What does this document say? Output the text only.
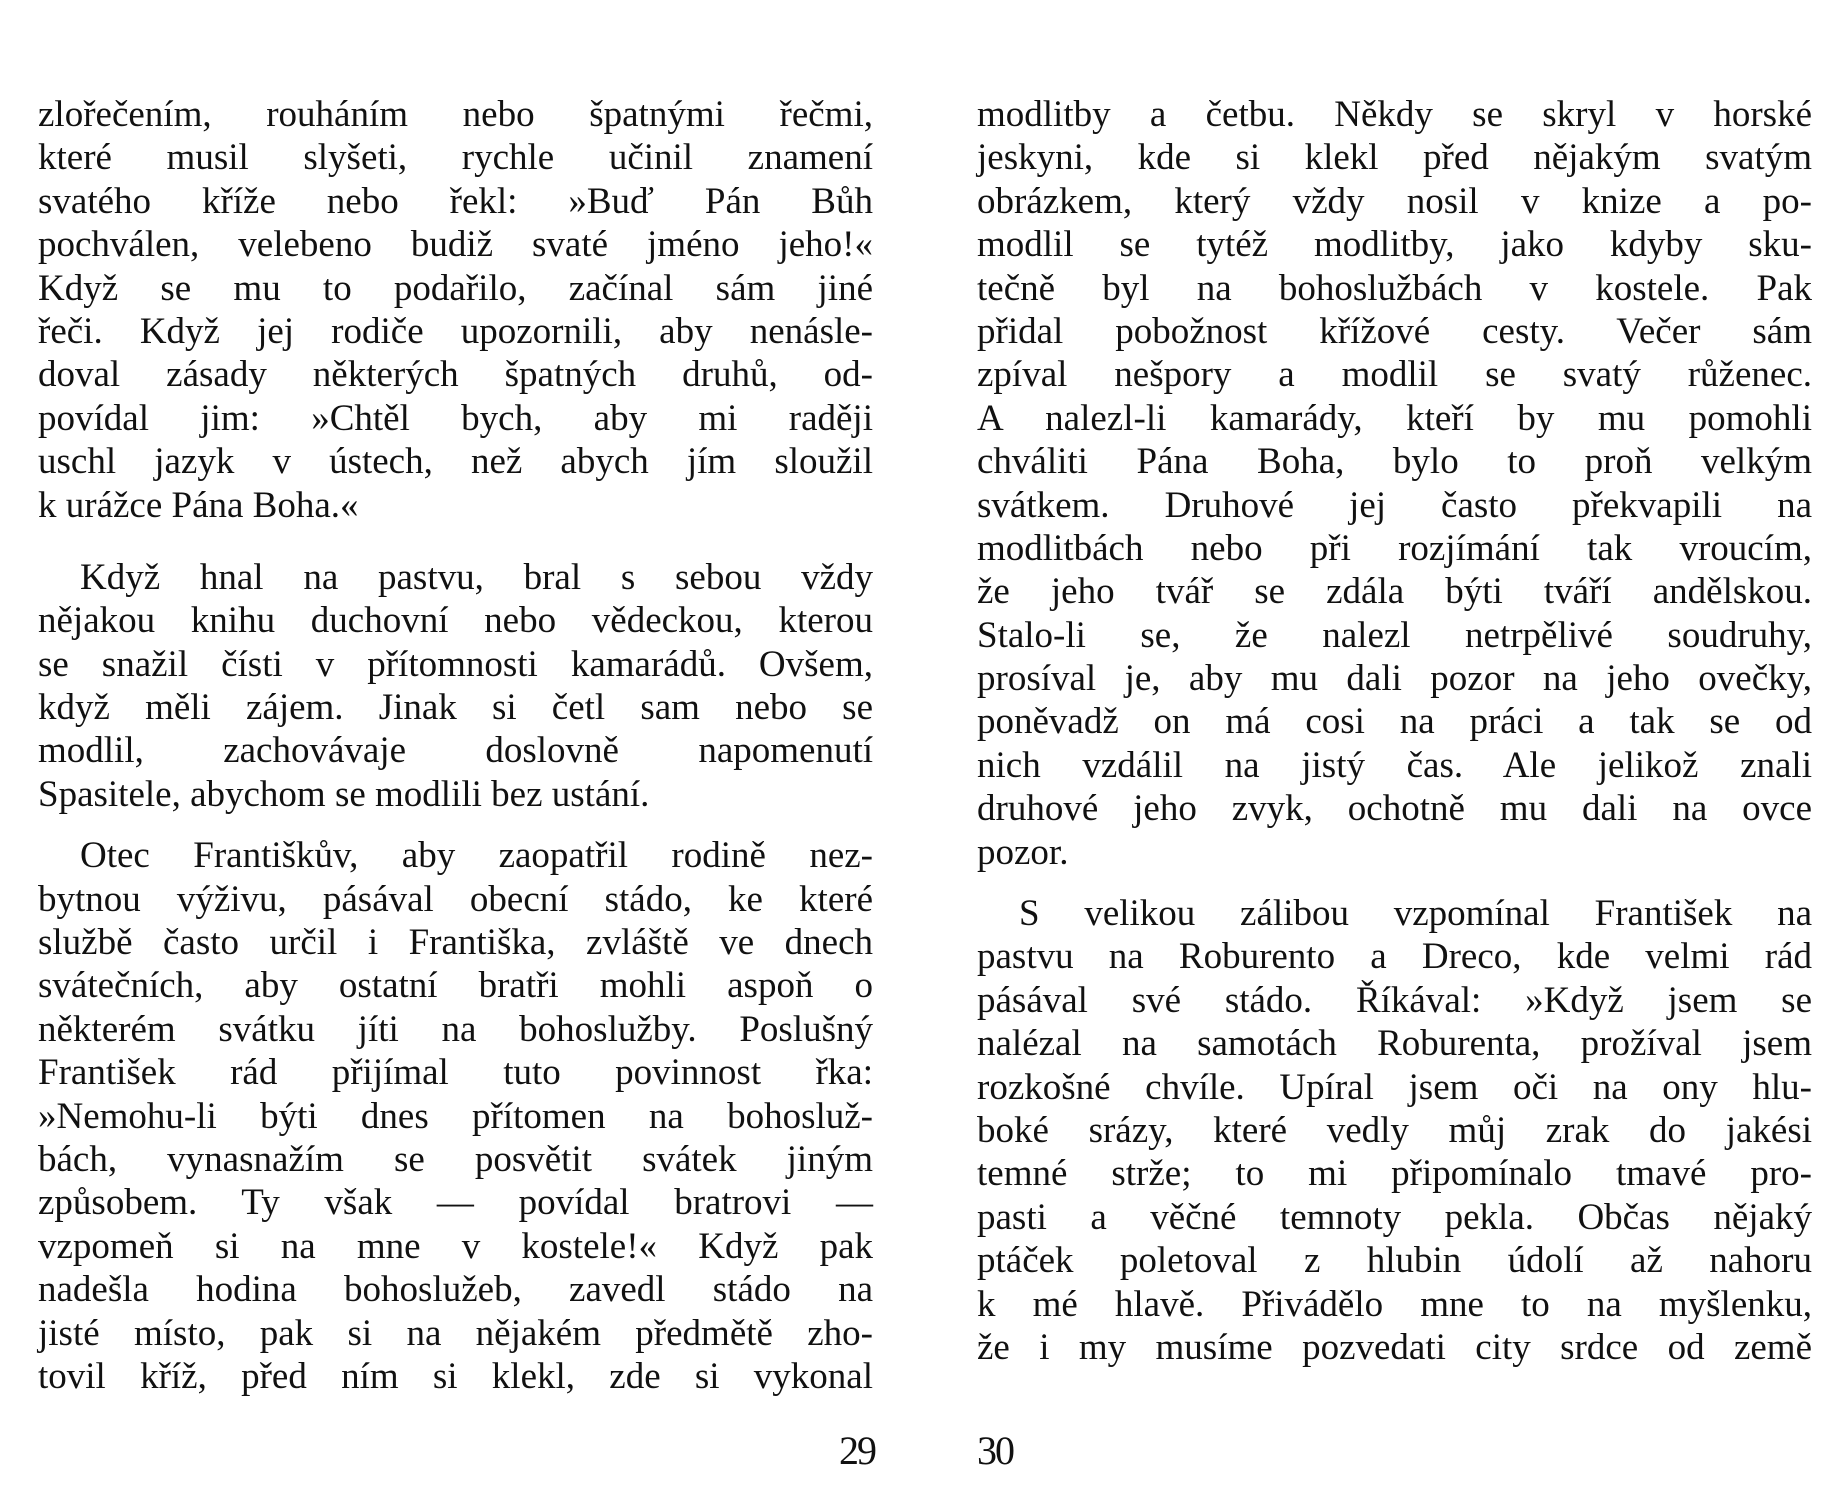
zlořečením, rouháním nebo špatnými řečmi,
které musil slyšeti, rychle učinil znamení
svatého kříže nebo řekl: »Buď Pán Bůh
pochválen, velebeno budiž svaté jméno jeho!«
Když se mu to podařilo, začínal sám jiné
řeči. Když jej rodiče upozornili, aby nenásle-
doval zásady některých špatných druhů, od-
povídal jim: »Chtěl bych, aby mi raději
uschl jazyk v ústech, než abych jím sloužil
k urážce Pána Boha.«
Když hnal na pastvu, bral s sebou vždy
nějakou knihu duchovní nebo vědeckou, kterou
se snažil čísti v přítomnosti kamarádů. Ovšem,
když měli zájem. Jinak si četl sam nebo se
modlil, zachovávaje doslovně napomenutí
Spasitele, abychom se modlili bez ustání.
Otec Františkův, aby zaopatřil rodině nez-
bytnou výživu, pásával obecní stádo, ke které
službě často určil i Františka, zvláště ve dnech
svátečních, aby ostatní bratři mohli aspoň o
některém svátku jíti na bohoslužby. Poslušný
František rád přijímal tuto povinnost řka:
»Nemohu-li býti dnes přítomen na bohosluž-
bách, vynasnažím se posvětit svátek jiným
způsobem. Ty však — povídal bratrovi —
vzpomeň si na mne v kostele!« Když pak
nadešla hodina bohoslužeb, zavedl stádo na
jisté místo, pak si na nějakém předmětě zho-
tovil kříž, před ním si klekl, zde si vykonal
29
modlitby a četbu. Někdy se skryl v horské
jeskyni, kde si klekl před nějakým svatým
obrázkem, který vždy nosil v knize a po-
modlil se tytéž modlitby, jako kdyby sku-
tečně byl na bohoslužbách v kostele. Pak
přidal pobožnost křížové cesty. Večer sám
zpíval nešpory a modlil se svatý růženec.
A nalezl-li kamarády, kteří by mu pomohli
chváliti Pána Boha, bylo to proň velkým
svátkem. Druhové jej často překvapili na
modlitbách nebo při rozjímání tak vroucím,
že jeho tvář se zdála býti tváří andělskou.
Stalo-li se, že nalezl netrpělivé soudruhy,
prosíval je, aby mu dali pozor na jeho ovečky,
poněvadž on má cosi na práci a tak se od
nich vzdálil na jistý čas. Ale jelikož znali
druhové jeho zvyk, ochotně mu dali na ovce
pozor.
S velikou zálibou vzpomínal František na
pastvu na Roburento a Dreco, kde velmi rád
pásával své stádo. Říkával: »Když jsem se
nalézal na samotách Roburenta, prožíval jsem
rozkošné chvíle. Upíral jsem oči na ony hlu-
boké srázy, které vedly můj zrak do jakési
temné strže; to mi připomínalo tmavé pro-
pasti a věčné temnoty pekla. Občas nějaký
ptáček poletoval z hlubin údolí až nahoru
k mé hlavě. Přivádělo mne to na myšlenku,
že i my musíme pozvedati city srdce od země
30
